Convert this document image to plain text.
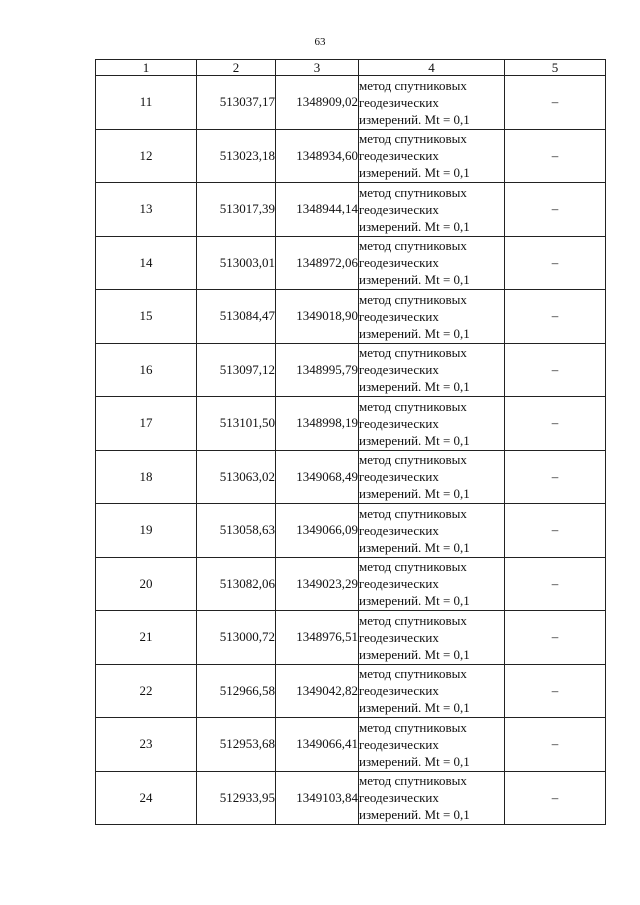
63
1	2	3	4	5
11	513037,17	1348909,02	метод спутниковых
геодезических
измерений. Mt = 0,1	–
12	513023,18	1348934,60	метод спутниковых
геодезических
измерений. Mt = 0,1	–
13	513017,39	1348944,14	метод спутниковых
геодезических
измерений. Mt = 0,1	–
14	513003,01	1348972,06	метод спутниковых
геодезических
измерений. Mt = 0,1	–
15	513084,47	1349018,90	метод спутниковых
геодезических
измерений. Mt = 0,1	–
16	513097,12	1348995,79	метод спутниковых
геодезических
измерений. Mt = 0,1	–
17	513101,50	1348998,19	метод спутниковых
геодезических
измерений. Mt = 0,1	–
18	513063,02	1349068,49	метод спутниковых
геодезических
измерений. Mt = 0,1	–
19	513058,63	1349066,09	метод спутниковых
геодезических
измерений. Mt = 0,1	–
20	513082,06	1349023,29	метод спутниковых
геодезических
измерений. Mt = 0,1	–
21	513000,72	1348976,51	метод спутниковых
геодезических
измерений. Mt = 0,1	–
22	512966,58	1349042,82	метод спутниковых
геодезических
измерений. Mt = 0,1	–
23	512953,68	1349066,41	метод спутниковых
геодезических
измерений. Mt = 0,1	–
24	512933,95	1349103,84	метод спутниковых
геодезических
измерений. Mt = 0,1	–
